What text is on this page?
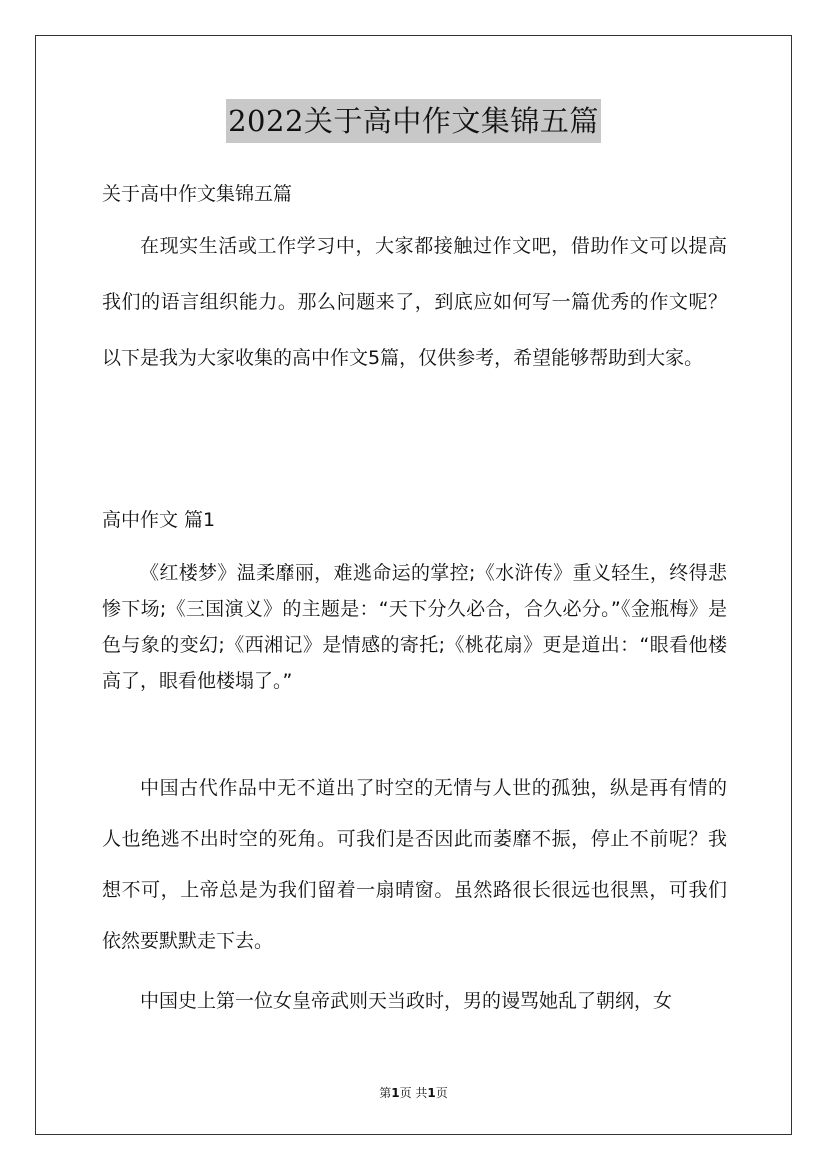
2022关于高中作文集锦五篇

关于高中作文集锦五篇

在现实生活或工作学习中，大家都接触过作文吧，借助作文可以提高我们的语言组织能力。那么问题来了，到底应如何写一篇优秀的作文呢？以下是我为大家收集的高中作文5篇，仅供参考，希望能够帮助到大家。

高中作文 篇1

《红楼梦》温柔靡丽，难逃命运的掌控;《水浒传》重义轻生，终得悲惨下场;《三国演义》的主题是：“天下分久必合，合久必分。”《金瓶梅》是色与象的变幻;《西湘记》是情感的寄托;《桃花扇》更是道出：“眼看他楼高了，眼看他楼塌了。”

中国古代作品中无不道出了时空的无情与人世的孤独，纵是再有情的人也绝逃不出时空的死角。可我们是否因此而萎靡不振，停止不前呢？我想不可，上帝总是为我们留着一扇晴窗。虽然路很长很远也很黑，可我们依然要默默走下去。

中国史上第一位女皇帝武则天当政时，男的谩骂她乱了朝纲，女

第1页 共1页
